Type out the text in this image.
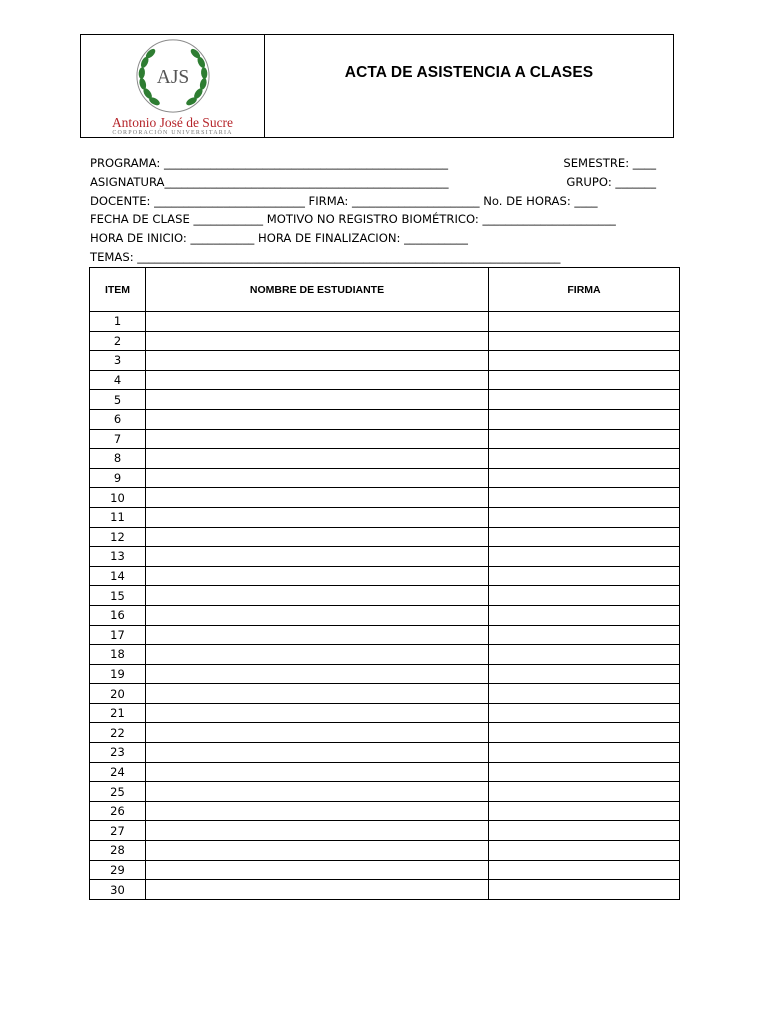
AJS
Antonio José de Sucre
CORPORACIÓN UNIVERSITARIA
ACTA DE ASISTENCIA A CLASES
PROGRAMA: _________________________________________________	SEMESTRE: ____
ASIGNATURA_________________________________________________	GRUPO: _______
DOCENTE: __________________________ FIRMA: ______________________ No. DE HORAS: ____
FECHA DE CLASE ____________ MOTIVO NO REGISTRO BIOMÉTRICO: _______________________
HORA DE INICIO: ___________ HORA DE FINALIZACION: ___________
TEMAS: _________________________________________________________________________
ITEM	NOMBRE DE ESTUDIANTE	FIRMA
1		
2		
3		
4		
5		
6		
7		
8		
9		
10		
11		
12		
13		
14		
15		
16		
17		
18		
19		
20		
21		
22		
23		
24		
25		
26		
27		
28		
29		
30		
